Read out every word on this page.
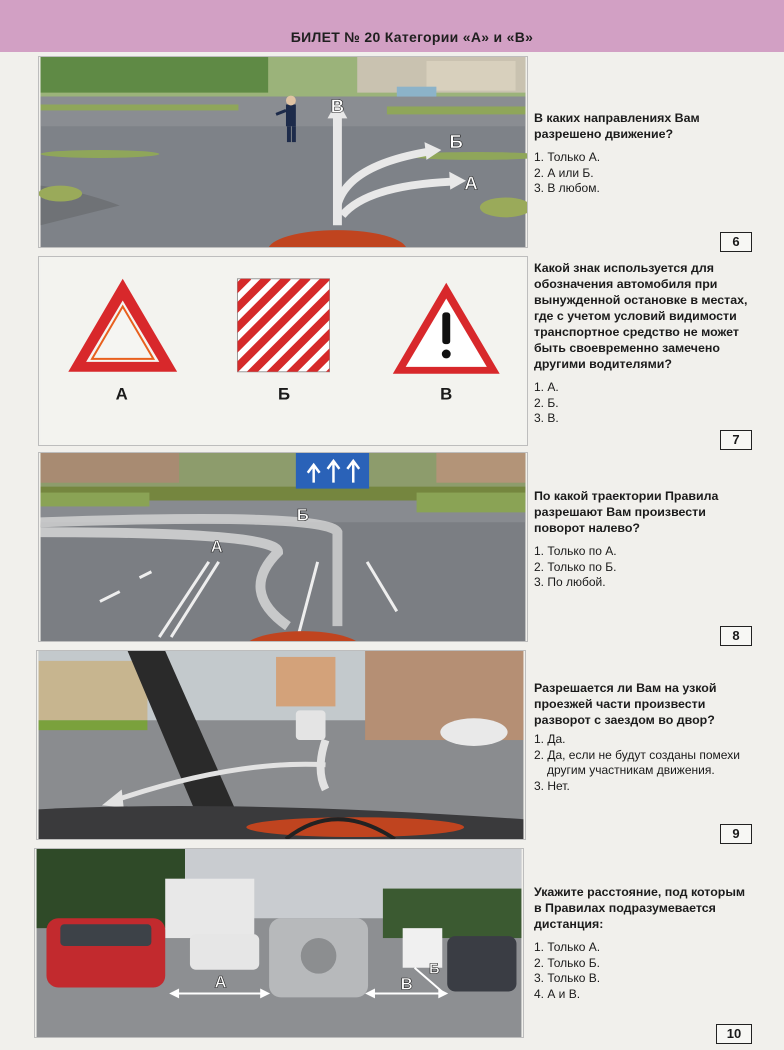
БИЛЕТ № 20 Категории «А» и «В»
В
Б
А

В каких направлениях Вам разрешено движение?

1. Только А.
2. А или Б.
3. В любом.
6
А	Б	В

Какой знак используется для обозначения автомобиля при вынужденной остановке в местах, где с учетом условий видимости транспортное средство не может быть своевременно замечено другими водителями?

1. А.
2. Б.
3. В.
7
А
Б

По какой траектории Правила разрешают Вам произвести поворот налево?

1. Только по А.
2. Только по Б.
3. По любой.
8

Разрешается ли Вам на узкой проезжей части произвести разворот с заездом во двор?

1. Да.
2. Да, если не будут созданы помехи другим участникам движения.
3. Нет.
9
А	В
Б

Укажите расстояние, под которым в Правилах подразумевается дистанция:

1. Только А.
2. Только Б.
3. Только В.
4. А и В.
10
